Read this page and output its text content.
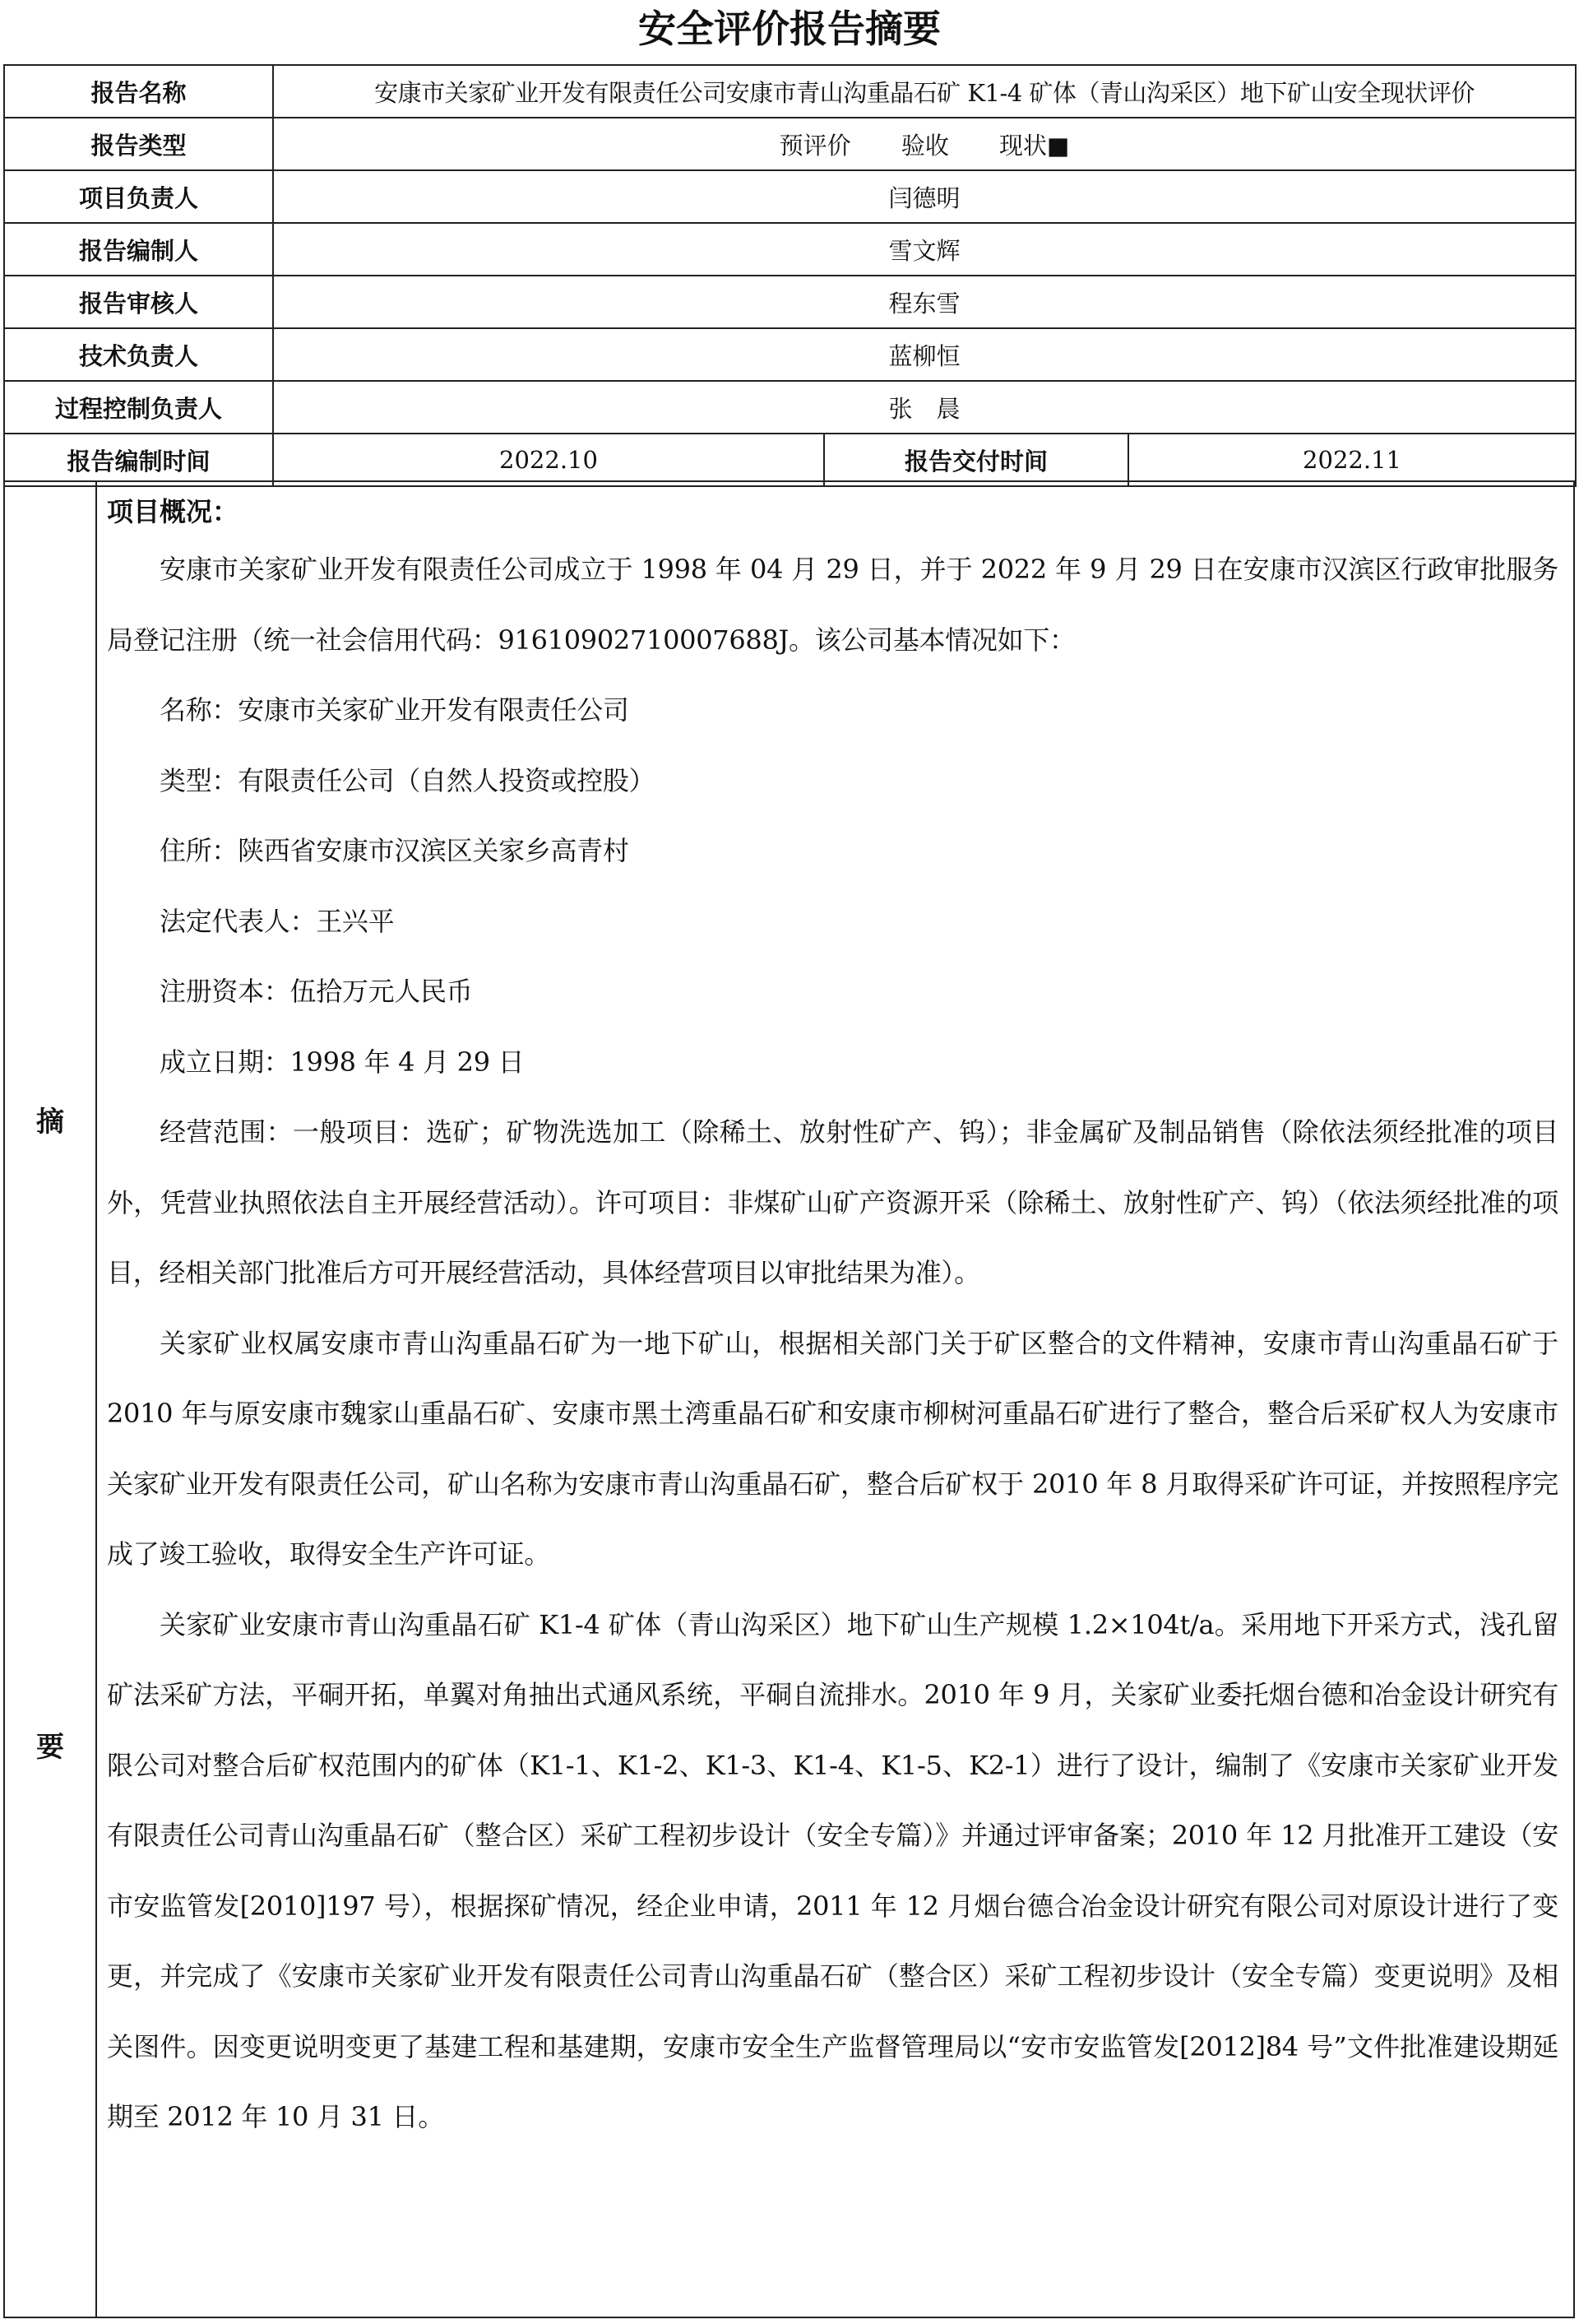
安全评价报告摘要
报告名称	安康市关家矿业开发有限责任公司安康市青山沟重晶石矿 K1-4 矿体（青山沟采区）地下矿山安全现状评价		
报告类型	预评价 验收 现状■		
项目负责人	闫德明		
报告编制人	雪文辉		
报告审核人	程东雪		
技术负责人	蓝柳恒		
过程控制负责人	张　晨		
报告编制时间	2022.10	报告交付时间	2022.11
摘
要
项目概况：

安康市关家矿业开发有限责任公司成立于 1998 年 04 月 29 日，并于 2022 年 9 月 29 日在安康市汉滨区行政审批服务局登记注册（统一社会信用代码：91610902710007688J。该公司基本情况如下：

名称：安康市关家矿业开发有限责任公司

类型：有限责任公司（自然人投资或控股）

住所：陕西省安康市汉滨区关家乡高青村

法定代表人：王兴平

注册资本：伍拾万元人民币

成立日期：1998 年 4 月 29 日

经营范围：一般项目：选矿；矿物洗选加工（除稀土、放射性矿产、钨）；非金属矿及制品销售（除依法须经批准的项目外，凭营业执照依法自主开展经营活动）。许可项目：非煤矿山矿产资源开采（除稀土、放射性矿产、钨）（依法须经批准的项目，经相关部门批准后方可开展经营活动，具体经营项目以审批结果为准）。

关家矿业权属安康市青山沟重晶石矿为一地下矿山，根据相关部门关于矿区整合的文件精神，安康市青山沟重晶石矿于 2010 年与原安康市魏家山重晶石矿、安康市黑土湾重晶石矿和安康市柳树河重晶石矿进行了整合，整合后采矿权人为安康市关家矿业开发有限责任公司，矿山名称为安康市青山沟重晶石矿，整合后矿权于 2010 年 8 月取得采矿许可证，并按照程序完成了竣工验收，取得安全生产许可证。

关家矿业安康市青山沟重晶石矿 K1-4 矿体（青山沟采区）地下矿山生产规模 1.2×104t/a。采用地下开采方式，浅孔留矿法采矿方法，平硐开拓，单翼对角抽出式通风系统，平硐自流排水。2010 年 9 月，关家矿业委托烟台德和冶金设计研究有限公司对整合后矿权范围内的矿体（K1-1、K1-2、K1-3、K1-4、K1-5、K2-1）进行了设计，编制了《安康市关家矿业开发有限责任公司青山沟重晶石矿（整合区）采矿工程初步设计（安全专篇）》并通过评审备案；2010 年 12 月批准开工建设（安市安监管发[2010]197 号），根据探矿情况，经企业申请，2011 年 12 月烟台德合冶金设计研究有限公司对原设计进行了变更，并完成了《安康市关家矿业开发有限责任公司青山沟重晶石矿（整合区）采矿工程初步设计（安全专篇）变更说明》及相关图件。因变更说明变更了基建工程和基建期，安康市安全生产监督管理局以“安市安监管发[2012]84 号”文件批准建设期延期至 2012 年 10 月 31 日。
